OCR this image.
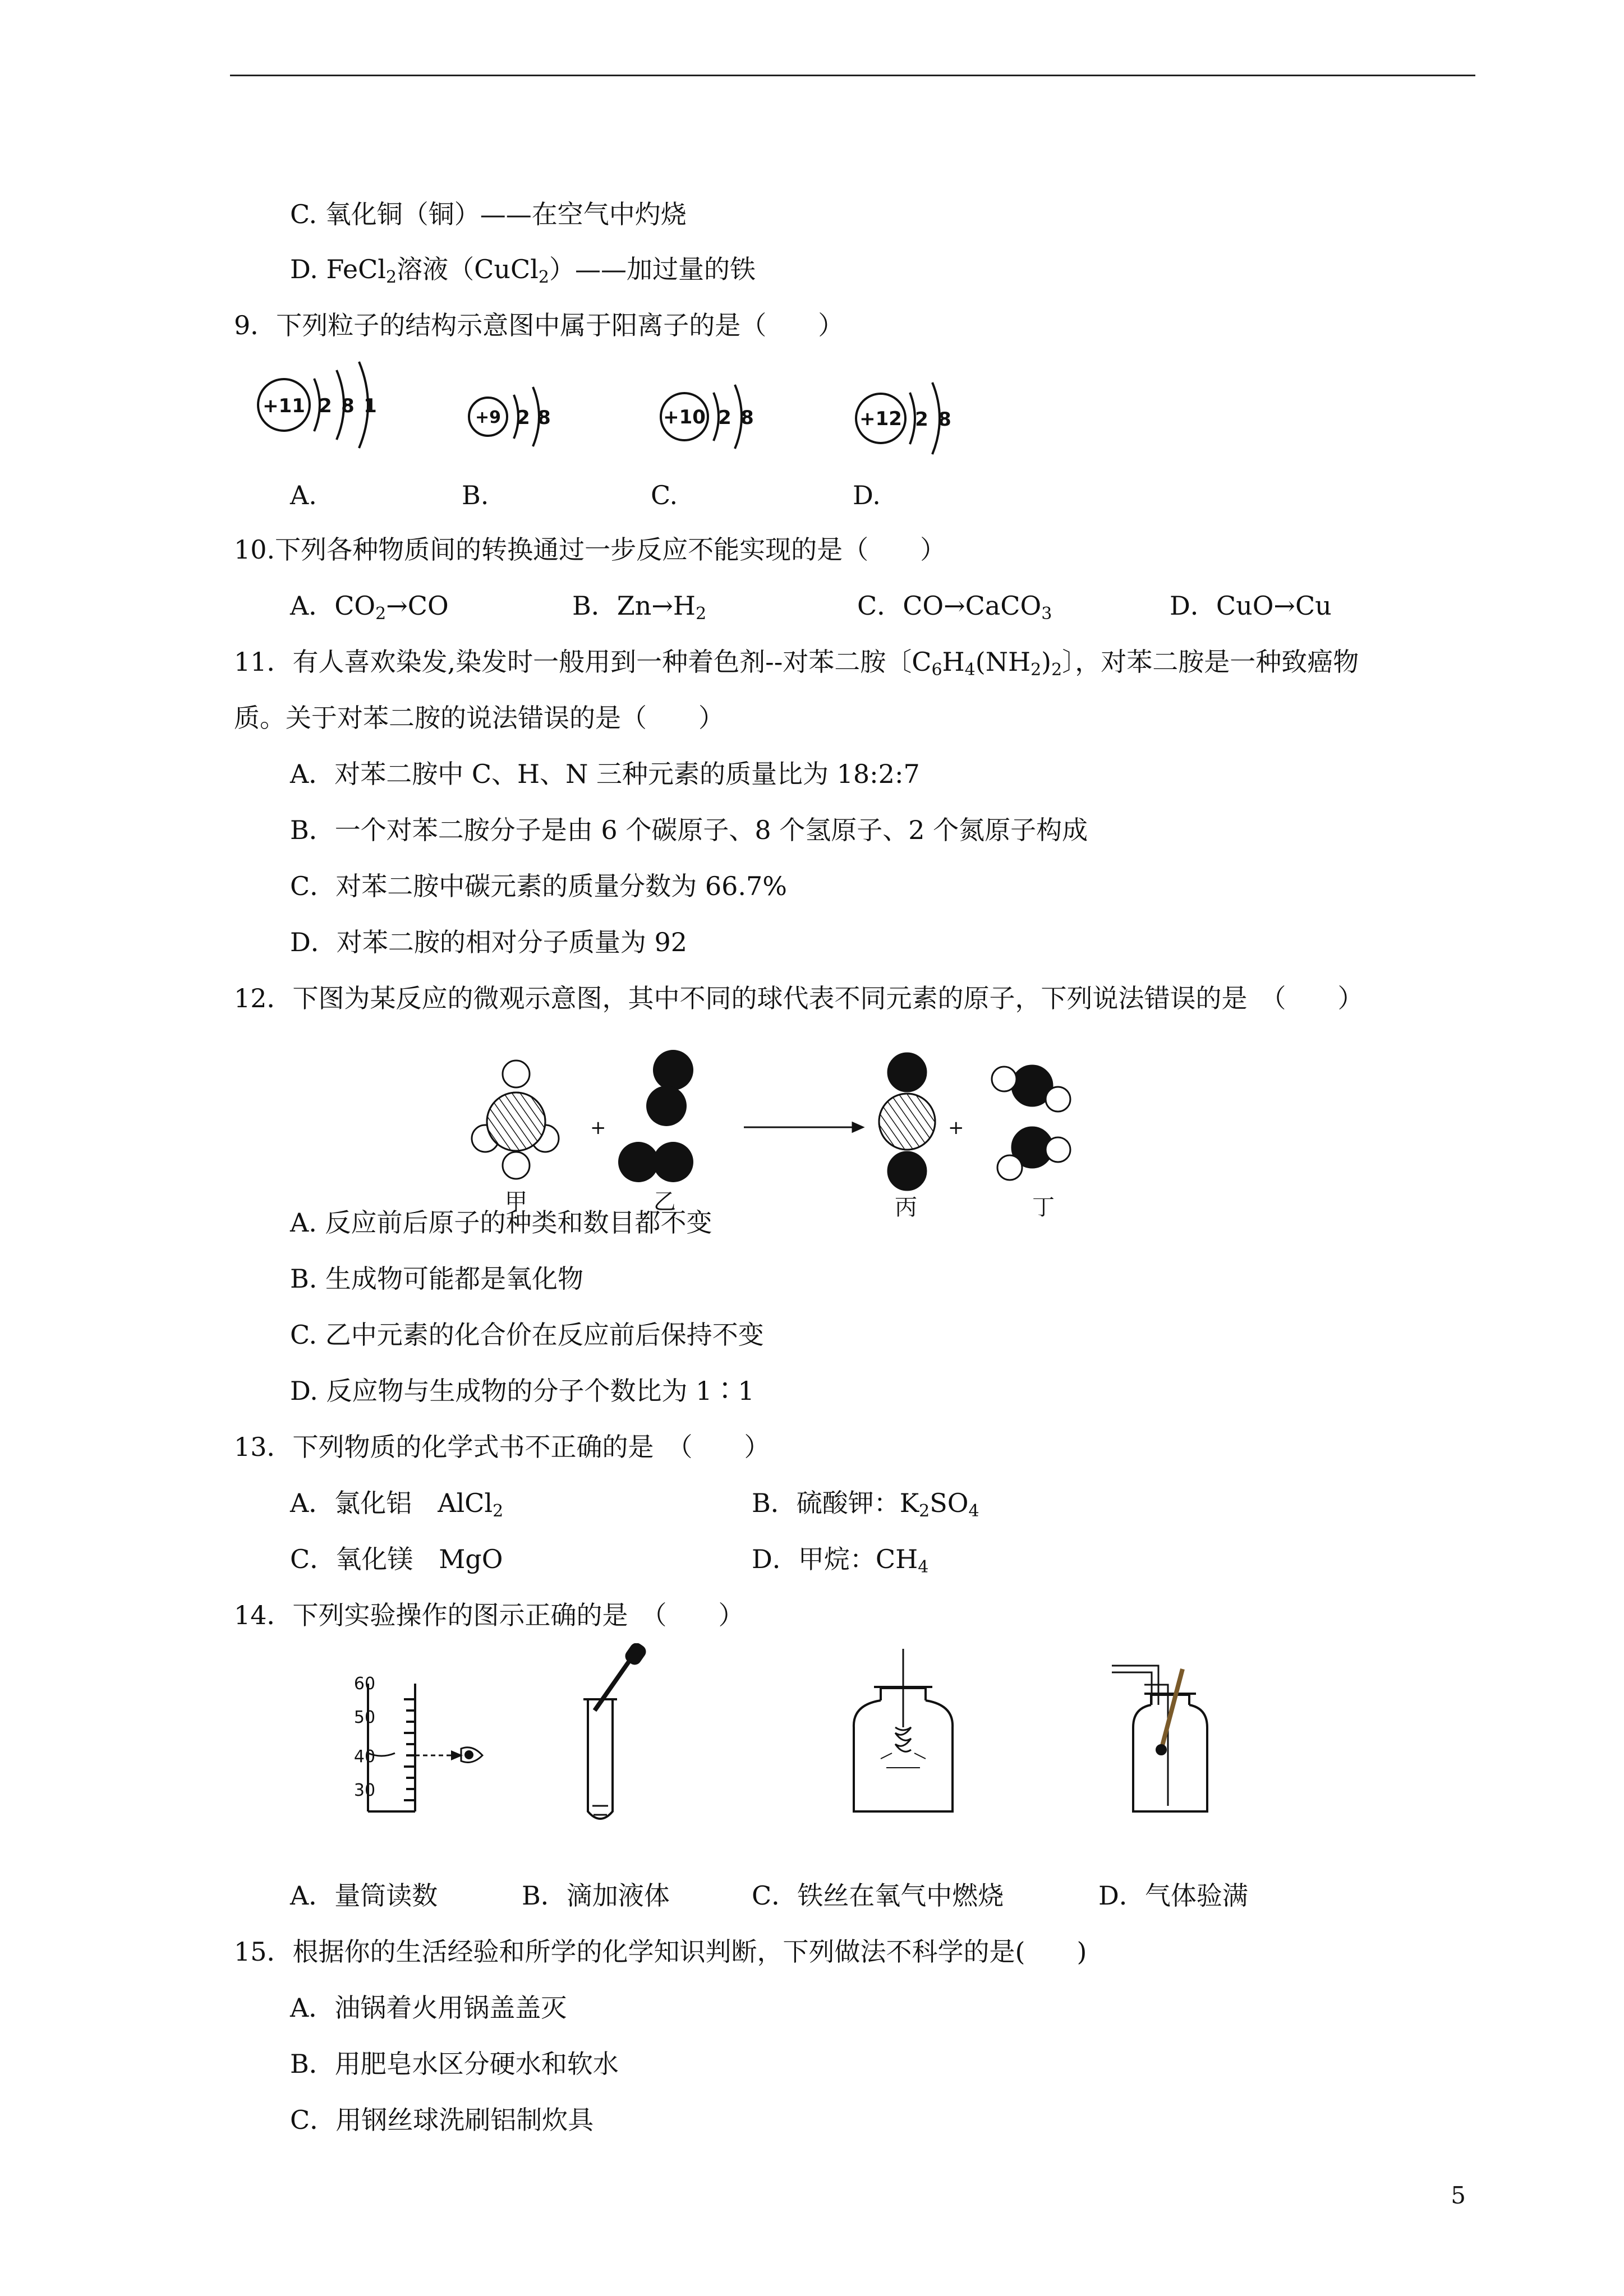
C. 氧化铜（铜）——在空气中灼烧
D. FeCl$_2$溶液（CuCl$_2$）——加过量的铁
9．下列粒子的结构示意图中属于阳离子的是（　　）
+11 2 8 1
+9 2 8	+10 2 8	+12 2 8
A.	B.	C.	D.
10.下列各种物质间的转换通过一步反应不能实现的是（　　）
A．$CO_2\to CO$	B．$Zn\to H_2$	C．CO→CaCO$_3$	D．CuO→Cu
11．有人喜欢染发,染发时一般用到一种着色剂--对苯二胺〔$C_6H_4(NH_2)_2$〕，对苯二胺是一种致癌物
质。关于对苯二胺的说法错误的是（　　）
A．对苯二胺中 C、H、N 三种元素的质量比为 18:2:7
B．一个对苯二胺分子是由 6 个碳原子、8 个氢原子、2 个氮原子构成
C．对苯二胺中碳元素的质量分数为 66.7%
D．对苯二胺的相对分子质量为 92
12．下图为某反应的微观示意图，其中不同的球代表不同元素的原子，下列说法错误的是　（　　）
+	+
甲	乙	丙	丁
A. 反应前后原子的种类和数目都不变
B. 生成物可能都是氧化物
C. 乙中元素的化合价在反应前后保持不变
D. 反应物与生成物的分子个数比为 1∶1
13．下列物质的化学式书不正确的是　（　　）
A．氯化铝　AlCl$_2$	B．硫酸钾：$K_2SO_4$
C．氧化镁　MgO	D．甲烷：$CH_4$
14．下列实验操作的图示正确的是　（　　）
60
50
40
30
A．量筒读数	B．滴加液体	C．铁丝在氧气中燃烧	D．气体验满
15．根据你的生活经验和所学的化学知识判断，下列做法不科学的是(　　)
A．油锅着火用锅盖盖灭
B．用肥皂水区分硬水和软水
C．用钢丝球洗刷铝制炊具
5
